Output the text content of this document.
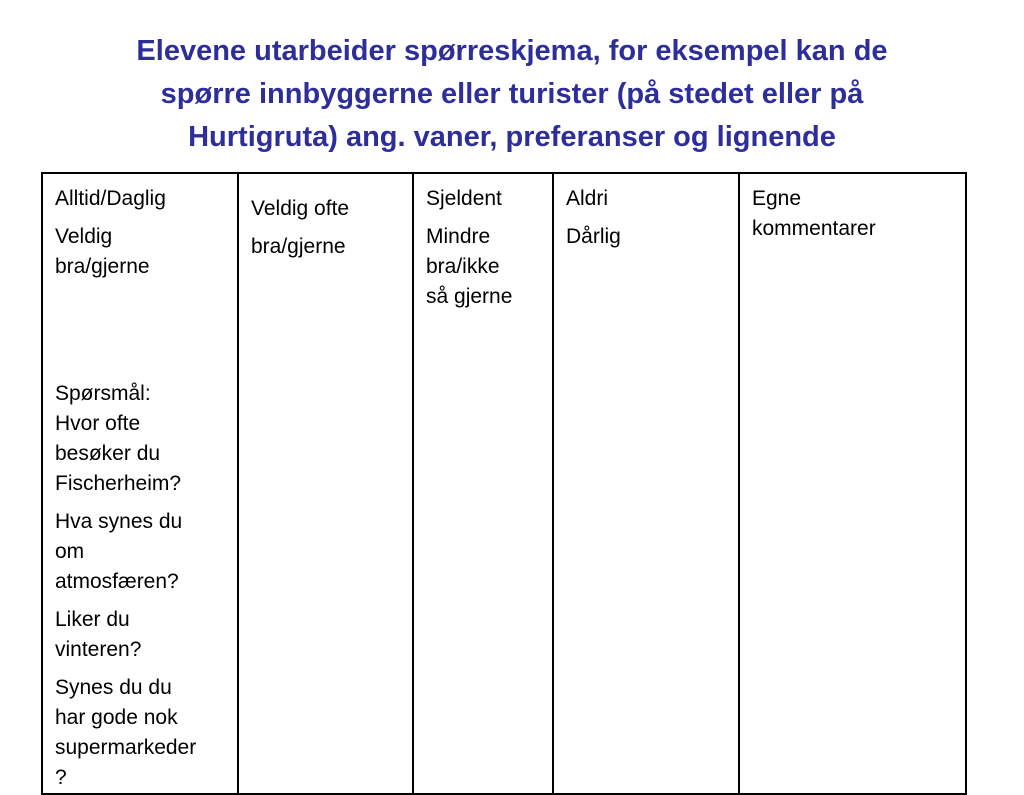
Elevene utarbeider spørreskjema, for eksempel kan de
spørre innbyggerne eller turister (på stedet eller på
Hurtigruta) ang. vaner, preferanser og lignende
Alltid/Daglig
Veldig
bra/gjerne
Spørsmål:
Hvor ofte
besøker du
Fischerheim?
Hva synes du
om
atmosfæren?
Liker du
vinteren?
Synes du du
har gode nok
supermarkeder
?

Veldig ofte
bra/gjerne

Sjeldent
Mindre
bra/ikke
så gjerne

Aldri
Dårlig

Egne
kommentarer
